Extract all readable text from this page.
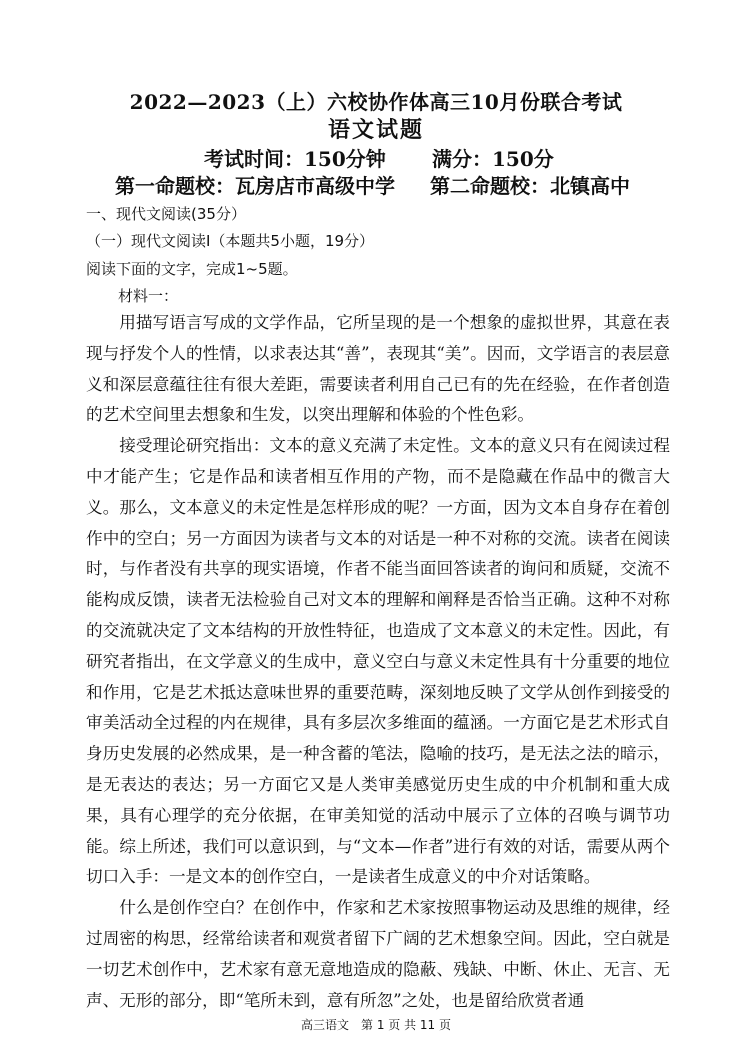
2022—2023（上）六校协作体高三10月份联合考试
语文试题
考试时间：150分钟 满分：150分
第一命题校：瓦房店市高级中学 第二命题校：北镇高中
一、现代文阅读(35分）
（一）现代文阅读Ⅰ（本题共5小题，19分）
阅读下面的文字，完成1~5题。
材料一：

用描写语言写成的文学作品，它所呈现的是一个想象的虚拟世界，其意在表现与抒发个人的性情，以求表达其“善”，表现其“美”。因而，文学语言的表层意义和深层意蕴往往有很大差距，需要读者利用自己已有的先在经验，在作者创造的艺术空间里去想象和生发，以突出理解和体验的个性色彩。

接受理论研究指出：文本的意义充满了未定性。文本的意义只有在阅读过程中才能产生；它是作品和读者相互作用的产物，而不是隐藏在作品中的微言大义。那么，文本意义的未定性是怎样形成的呢？一方面，因为文本自身存在着创作中的空白；另一方面因为读者与文本的对话是一种不对称的交流。读者在阅读时，与作者没有共享的现实语境，作者不能当面回答读者的询问和质疑，交流不能构成反馈，读者无法检验自己对文本的理解和阐释是否恰当正确。这种不对称的交流就决定了文本结构的开放性特征，也造成了文本意义的未定性。因此，有研究者指出，在文学意义的生成中，意义空白与意义未定性具有十分重要的地位和作用，它是艺术抵达意味世界的重要范畴，深刻地反映了文学从创作到接受的审美活动全过程的内在规律，具有多层次多维面的蕴涵。一方面它是艺术形式自身历史发展的必然成果，是一种含蓄的笔法，隐喻的技巧，是无法之法的暗示，是无表达的表达；另一方面它又是人类审美感觉历史生成的中介机制和重大成果，具有心理学的充分依据，在审美知觉的活动中展示了立体的召唤与调节功能。综上所述，我们可以意识到，与“文本—作者”进行有效的对话，需要从两个切口入手：一是文本的创作空白，一是读者生成意义的中介对话策略。

什么是创作空白？在创作中，作家和艺术家按照事物运动及思维的规律，经过周密的构思，经常给读者和观赏者留下广阔的艺术想象空间。因此，空白就是一切艺术创作中，艺术家有意无意地造成的隐蔽、残缺、中断、休止、无言、无声、无形的部分，即“笔所未到，意有所忽”之处，也是留给欣赏者通

高三语文　第 1 页 共 11 页
